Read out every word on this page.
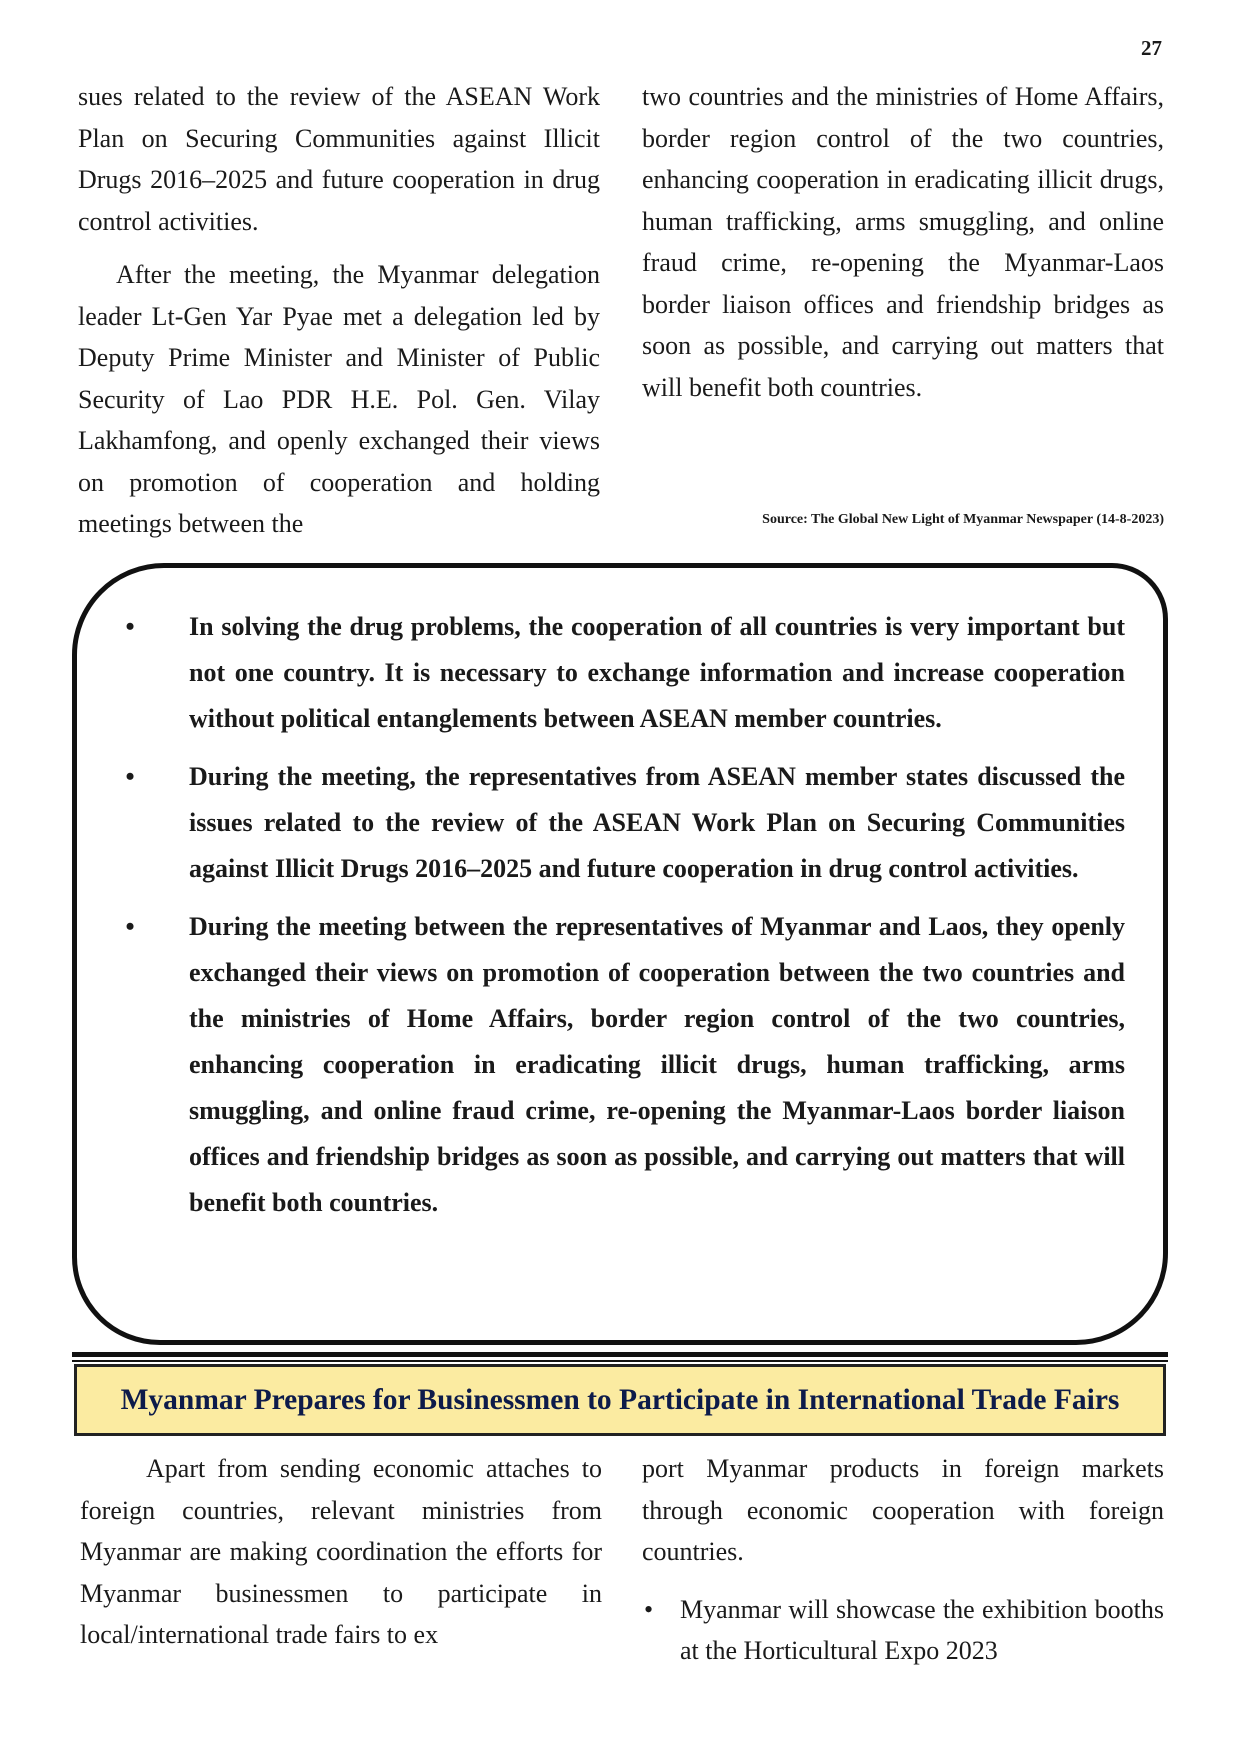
27

sues related to the review of the ASEAN Work Plan on Securing Communities against Illicit Drugs 2016–2025 and future cooperation in drug control activities.

After the meeting, the Myanmar delegation leader Lt-Gen Yar Pyae met a delegation led by Deputy Prime Minister and Minister of Public Security of Lao PDR H.E. Pol. Gen. Vilay Lakhamfong, and openly exchanged their views on promotion of cooperation and holding meetings between the

two countries and the ministries of Home Affairs, border region control of the two countries, enhancing cooperation in eradicating illicit drugs, human trafficking, arms smuggling, and online fraud crime, re-opening the Myanmar-Laos border liaison offices and friendship bridges as soon as possible, and carrying out matters that will benefit both countries.

Source: The Global New Light of Myanmar Newspaper (14-8-2023)
•	In solving the drug problems, the cooperation of all countries is very important but not one country. It is necessary to exchange information and increase cooperation without political entanglements between ASEAN member countries.
•	During the meeting, the representatives from ASEAN member states discussed the issues related to the review of the ASEAN Work Plan on Securing Communities against Illicit Drugs 2016–2025 and future cooperation in drug control activities.
•	During the meeting between the representatives of Myanmar and Laos, they openly exchanged their views on promotion of cooperation between the two countries and the ministries of Home Affairs, border region control of the two countries, enhancing cooperation in eradicating illicit drugs, human trafficking, arms smuggling, and online fraud crime, re-opening the Myanmar-Laos border liaison offices and friendship bridges as soon as possible, and carrying out matters that will benefit both countries.
Myanmar Prepares for Businessmen to Participate in International Trade Fairs

Apart from sending economic attaches to foreign countries, relevant ministries from Myanmar are making coordination the efforts for Myanmar businessmen to participate in local/international trade fairs to ex

port Myanmar products in foreign markets through economic cooperation with foreign countries.

• Myanmar will showcase the exhibition booths at the Horticultural Expo 2023
